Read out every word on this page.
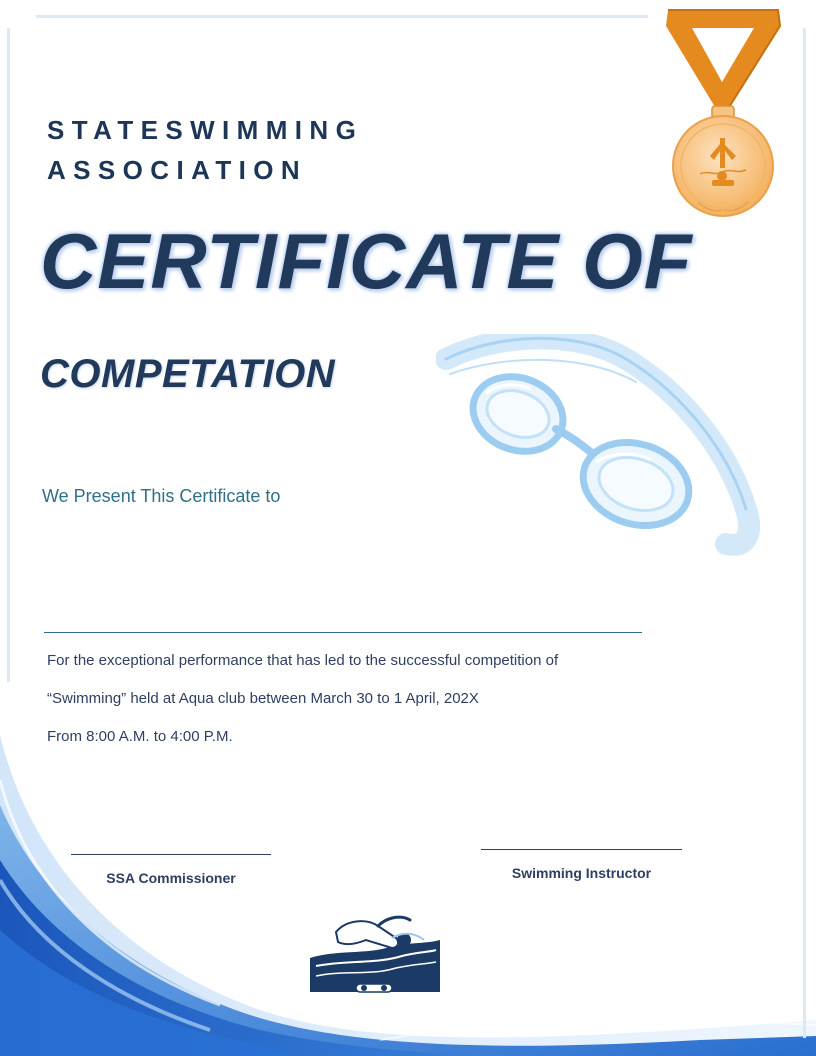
STATESWIMMING
ASSOCIATION
CERTIFICATE OF
COMPETATION
We Present This Certificate to
For the exceptional performance that has led to the successful competition of
“Swimming” held at Aqua club between March 30 to 1 April, 202X
From 8:00 A.M. to 4:00 P.M.
SSA Commissioner	Swimming Instructor
